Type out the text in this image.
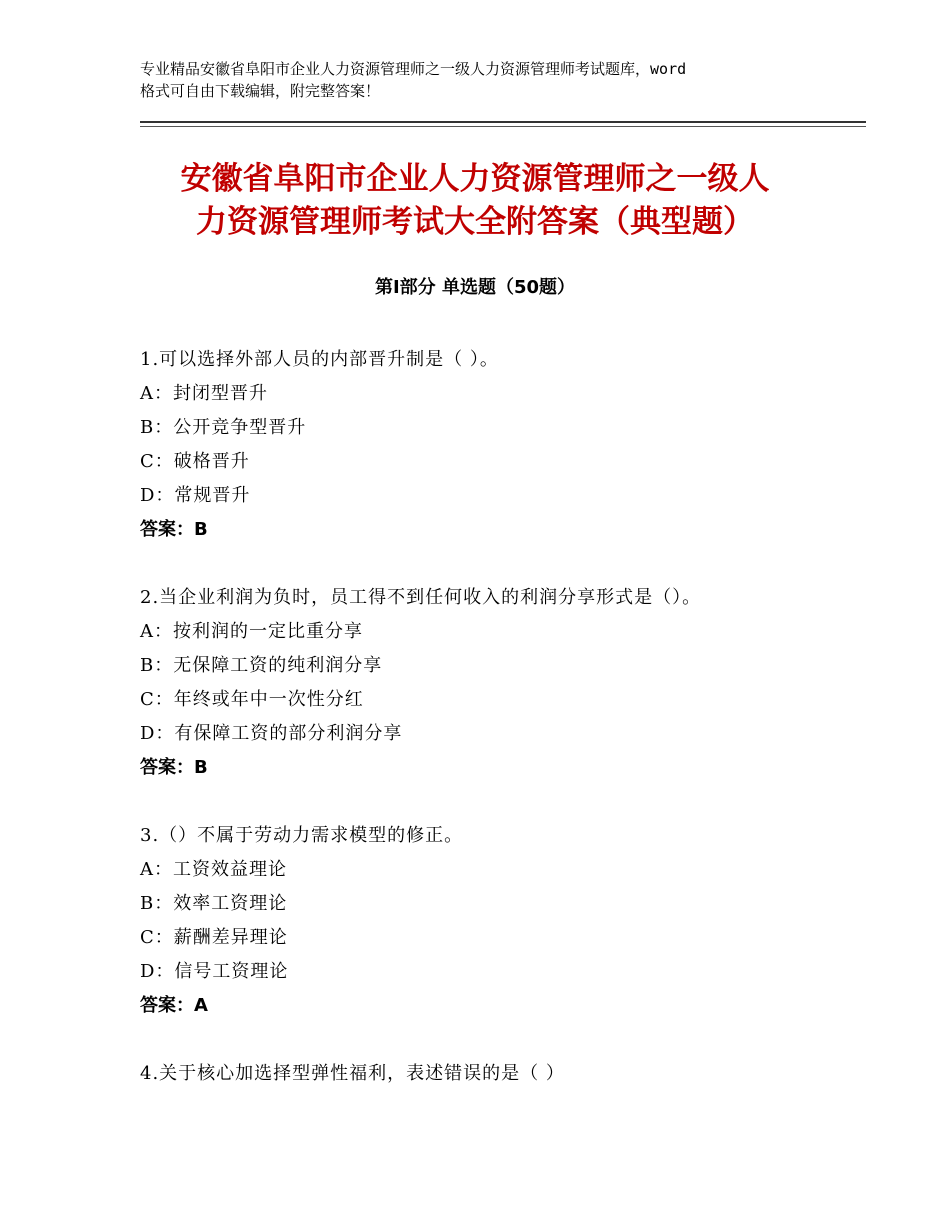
专业精品安徽省阜阳市企业人力资源管理师之一级人力资源管理师考试题库，word
格式可自由下载编辑，附完整答案！
安徽省阜阳市企业人力资源管理师之一级人
力资源管理师考试大全附答案（典型题）
第Ⅰ部分 单选题（50题）
1.可以选择外部人员的内部晋升制是（ ）。
A：封闭型晋升
B：公开竞争型晋升
C：破格晋升
D：常规晋升
答案：B
2.当企业利润为负时，员工得不到任何收入的利润分享形式是（）。
A：按利润的一定比重分享
B：无保障工资的纯利润分享
C：年终或年中一次性分红
D：有保障工资的部分利润分享
答案：B
3.（）不属于劳动力需求模型的修正。
A：工资效益理论
B：效率工资理论
C：薪酬差异理论
D：信号工资理论
答案：A
4.关于核心加选择型弹性福利，表述错误的是（ ）
